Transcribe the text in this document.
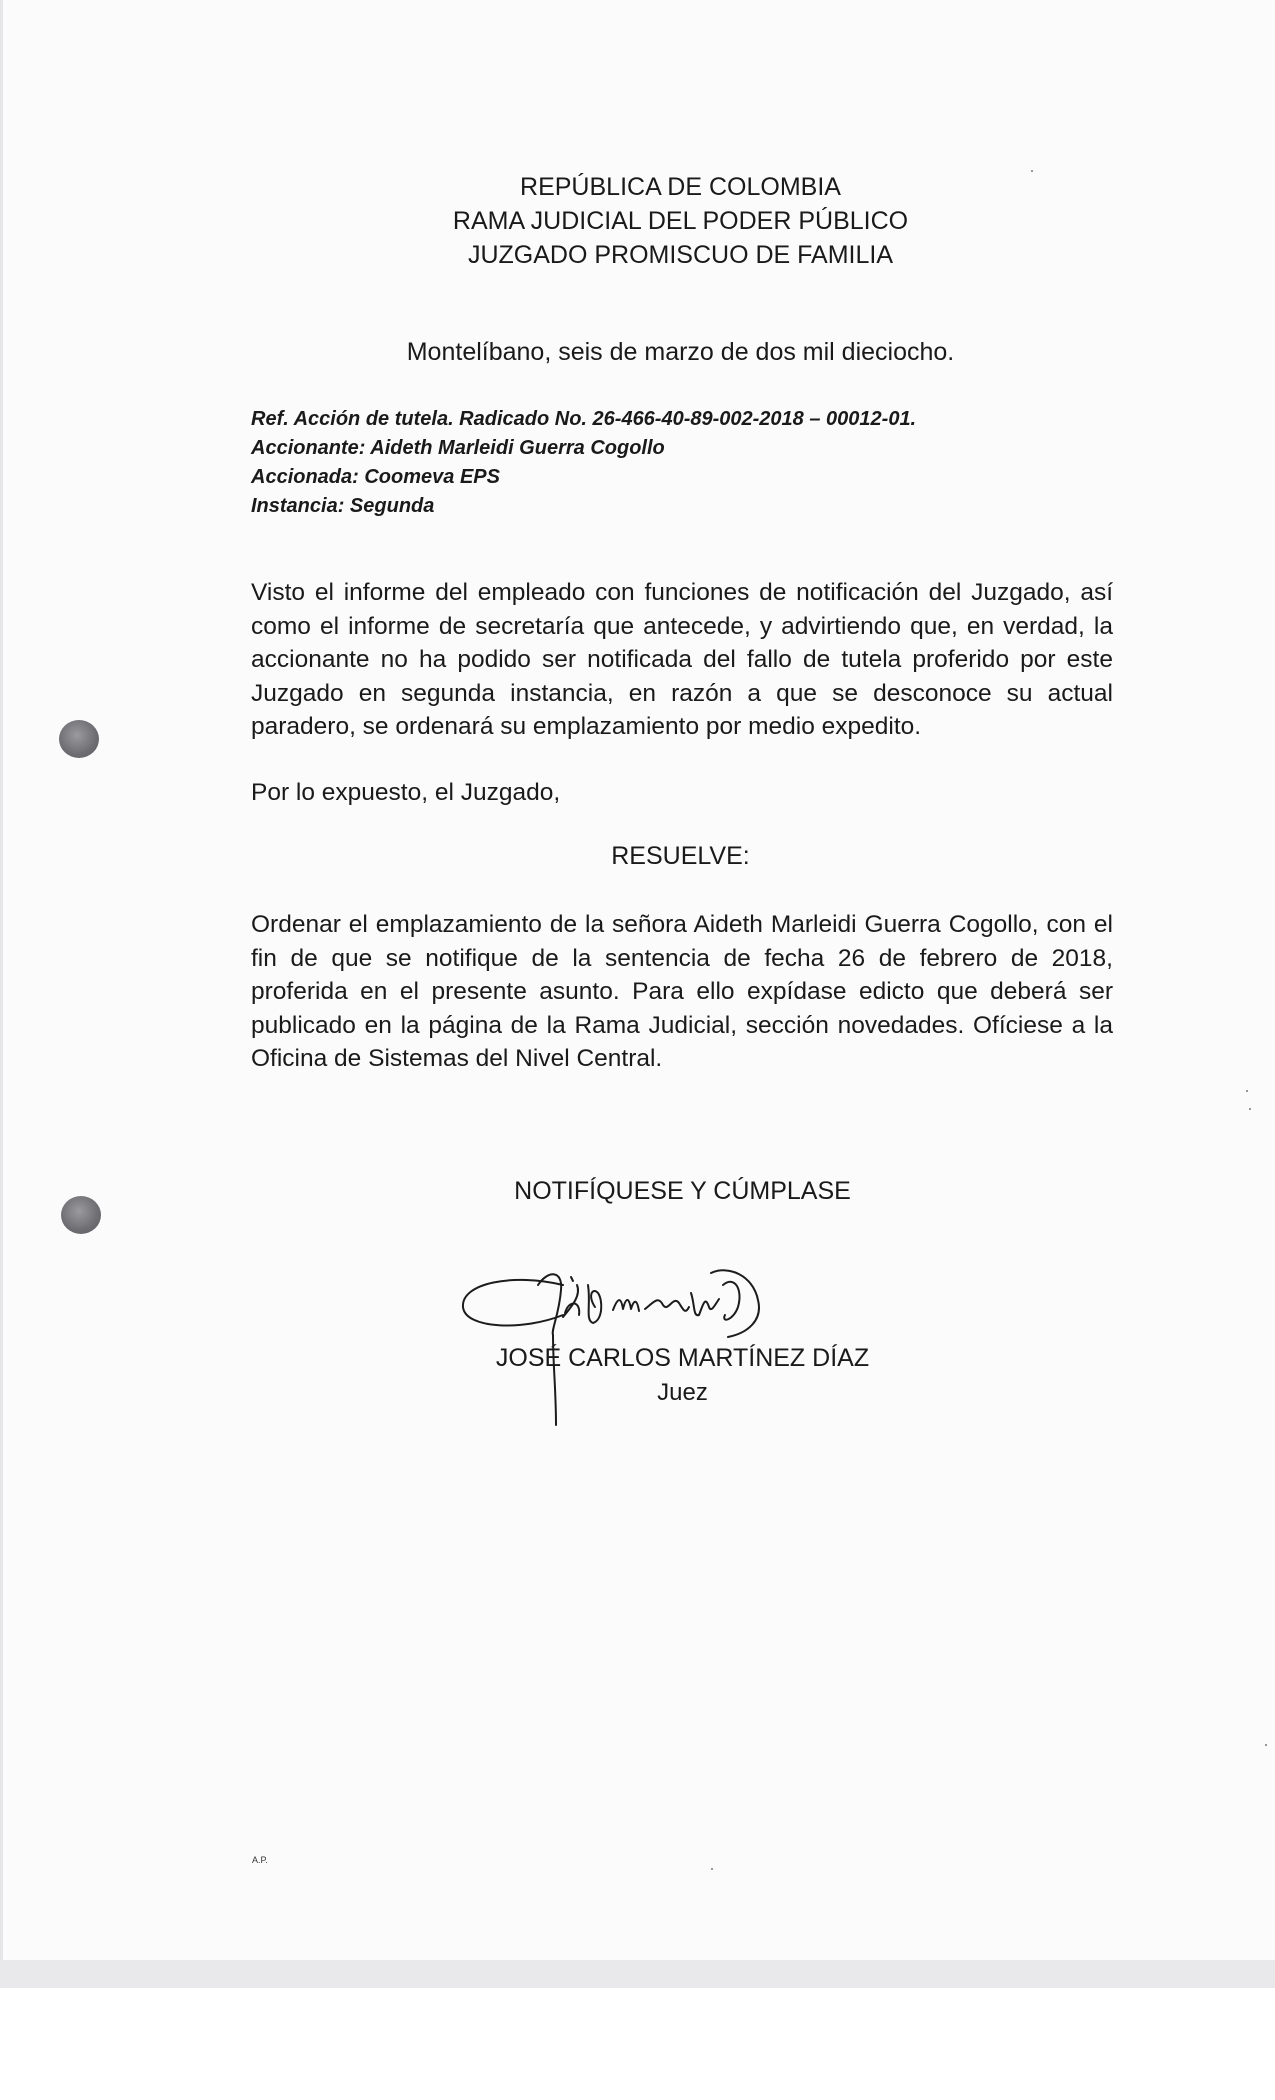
REPÚBLICA DE COLOMBIA
RAMA JUDICIAL DEL PODER PÚBLICO
JUZGADO PROMISCUO DE FAMILIA
Montelíbano, seis de marzo de dos mil dieciocho.
Ref. Acción de tutela. Radicado No. 26-466-40-89-002-2018 – 00012-01.
Accionante: Aideth Marleidi Guerra Cogollo
Accionada: Coomeva EPS
Instancia: Segunda
Visto el informe del empleado con funciones de notificación del Juzgado, así como el informe de secretaría que antecede, y advirtiendo que, en verdad, la accionante no ha podido ser notificada del fallo de tutela proferido por este Juzgado en segunda instancia, en razón a que se desconoce su actual paradero, se ordenará su emplazamiento por medio expedito.
Por lo expuesto, el Juzgado,
RESUELVE:
Ordenar el emplazamiento de la señora Aideth Marleidi Guerra Cogollo, con el fin de que se notifique de la sentencia de fecha 26 de febrero de 2018, proferida en el presente asunto. Para ello expídase edicto que deberá ser publicado en la página de la Rama Judicial, sección novedades. Ofíciese a la Oficina de Sistemas del Nivel Central.
NOTIFÍQUESE Y CÚMPLASE
JOSÉ CARLOS MARTÍNEZ DÍAZ
Juez
A.P.
